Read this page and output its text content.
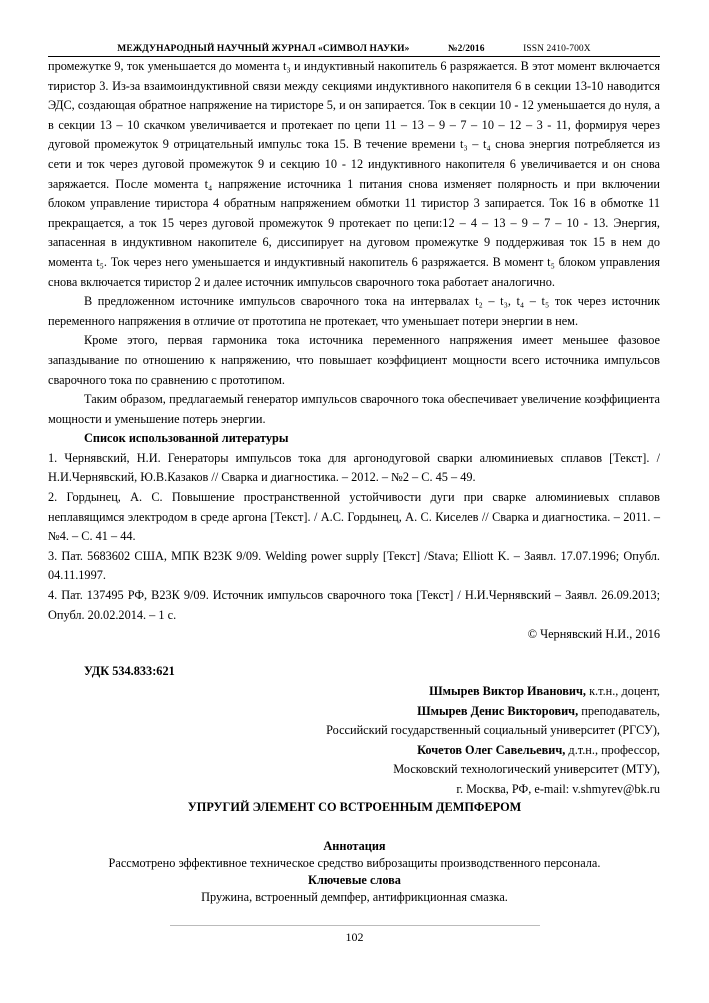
МЕЖДУНАРОДНЫЙ НАУЧНЫЙ ЖУРНАЛ «СИМВОЛ НАУКИ»	№2/2016	ISSN 2410-700Х

промежутке 9, ток уменьшается до момента t₃ и индуктивный накопитель 6 разряжается. В этот момент включается тиристор 3. Из-за взаимоиндуктивной связи между секциями индуктивного накопителя 6 в секции 13-10 наводится ЭДС, создающая обратное напряжение на тиристоре 5, и он запирается. Ток в секции 10 - 12 уменьшается до нуля, а в секции 13 – 10 скачком увеличивается и протекает по цепи 11 – 13 – 9 – 7 – 10 – 12 – 3 - 11, формируя через дуговой промежуток 9 отрицательный импульс тока 15. В течение времени t₃ – t₄ снова энергия потребляется из сети и ток через дуговой промежуток 9 и секцию 10 - 12 индуктивного накопителя 6 увеличивается и он снова заряжается. После момента t₄ напряжение источника 1 питания снова изменяет полярность и при включении блоком управление тиристора 4 обратным напряжением обмотки 11 тиристор 3 запирается. Ток 16 в обмотке 11 прекращается, а ток 15 через дуговой промежуток 9 протекает по цепи:12 – 4 – 13 – 9 – 7 – 10 - 13. Энергия, запасенная в индуктивном накопителе 6, диссипирует на дуговом промежутке 9 поддерживая ток 15 в нем до момента t₅. Ток через него уменьшается и индуктивный накопитель 6 разряжается. В момент t₅ блоком управления снова включается тиристор 2 и далее источник импульсов сварочного тока работает аналогично.

В предложенном источнике импульсов сварочного тока на интервалах t₂ – t₃, t₄ – t₅ ток через источник переменного напряжения в отличие от прототипа не протекает, что уменьшает потери энергии в нем.

Кроме этого, первая гармоника тока источника переменного напряжения имеет меньшее фазовое запаздывание по отношению к напряжению, что повышает коэффициент мощности всего источника импульсов сварочного тока по сравнению с прототипом.

Таким образом, предлагаемый генератор импульсов сварочного тока обеспечивает увеличение коэффициента мощности и уменьшение потерь энергии.

Список использованной литературы

1. Чернявский, Н.И. Генераторы импульсов тока для аргонодуговой сварки алюминиевых сплавов [Текст]. / Н.И.Чернявский, Ю.В.Казаков // Сварка и диагностика. – 2012. – №2 – С. 45 – 49.

2. Гордынец, А. С. Повышение пространственной устойчивости дуги при сварке алюминиевых сплавов неплавящимся электродом в среде аргона [Текст]. / А.С. Гордынец, А. С. Киселев // Сварка и диагностика. – 2011. – №4. – С. 41 – 44.

3. Пат. 5683602 США, МПК В23К 9/09. Welding power supply [Текст] /Stava; Elliott K. – Заявл. 17.07.1996; Опубл. 04.11.1997.

4. Пат. 137495 РФ, В23К 9/09. Источник импульсов сварочного тока [Текст] / Н.И.Чернявский – Заявл. 26.09.2013; Опубл. 20.02.2014. – 1 с.

© Чернявский Н.И., 2016

УДК 534.833:621
Шмырев Виктор Иванович, к.т.н., доцент,
Шмырев Денис Викторович, преподаватель,
Российский государственный социальный университет (РГСУ),
Кочетов Олег Савельевич, д.т.н., профессор,
Московский технологический университет (МТУ),
г. Москва, РФ, e-mail: v.shmyrev@bk.ru
УПРУГИЙ ЭЛЕМЕНТ СО ВСТРОЕННЫМ ДЕМПФЕРОМ
Аннотация
Рассмотрено эффективное техническое средство виброзащиты производственного персонала.
Ключевые слова
Пружина, встроенный демпфер, антифрикционная смазка.
102
